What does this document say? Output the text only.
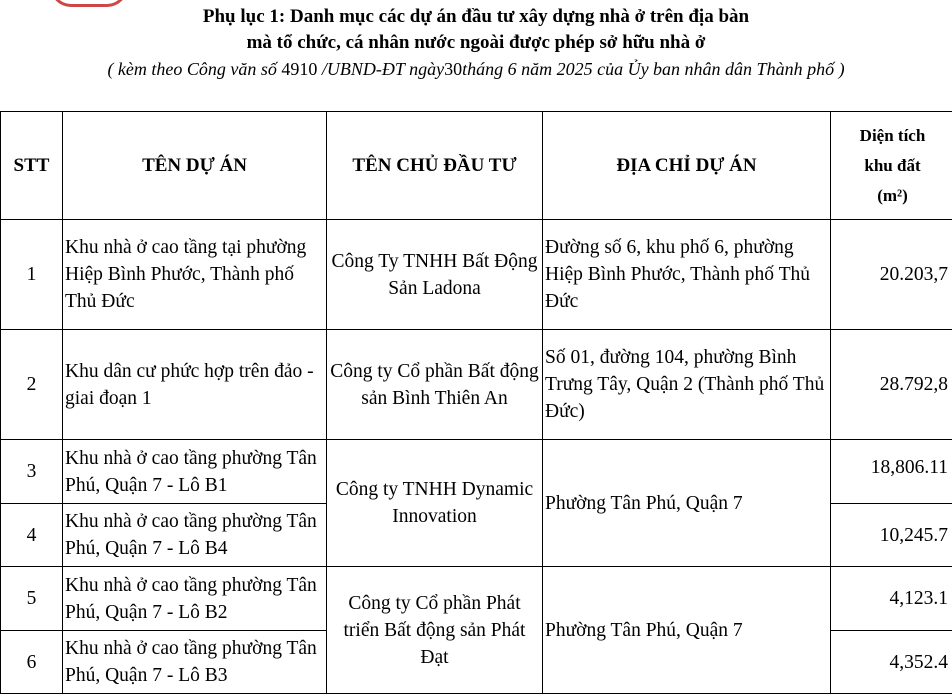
Phụ lục 1: Danh mục các dự án đầu tư xây dựng nhà ở trên địa bàn
mà tổ chức, cá nhân nước ngoài được phép sở hữu nhà ở
( kèm theo Công văn số 4910 /UBND-ĐT ngày30tháng 6 năm 2025 của Ủy ban nhân dân Thành phố )
STT	TÊN DỰ ÁN	TÊN CHỦ ĐẦU TƯ	ĐỊA CHỈ DỰ ÁN	Diện tích
khu đất
(m²)

1	Khu nhà ở cao tầng tại phường Hiệp Bình Phước, Thành phố Thủ Đức	Công Ty TNHH Bất Động Sản Ladona	Đường số 6, khu phố 6, phường Hiệp Bình Phước, Thành phố Thủ Đức	20.203,7
2	Khu dân cư phức hợp trên đảo - giai đoạn 1	Công ty Cổ phần Bất động sản Bình Thiên An	Số 01, đường 104, phường Bình Trưng Tây, Quận 2 (Thành phố Thủ Đức)	28.792,8
3	Khu nhà ở cao tầng phường Tân Phú, Quận 7 - Lô B1	Công ty TNHH Dynamic Innovation	Phường Tân Phú, Quận 7	18,806.11
4	Khu nhà ở cao tầng phường Tân Phú, Quận 7 - Lô B4			10,245.7
5	Khu nhà ở cao tầng phường Tân Phú, Quận 7 - Lô B2	Công ty Cổ phần Phát triển Bất động sản Phát Đạt	Phường Tân Phú, Quận 7	4,123.1
6	Khu nhà ở cao tầng phường Tân Phú, Quận 7 - Lô B3			4,352.4
